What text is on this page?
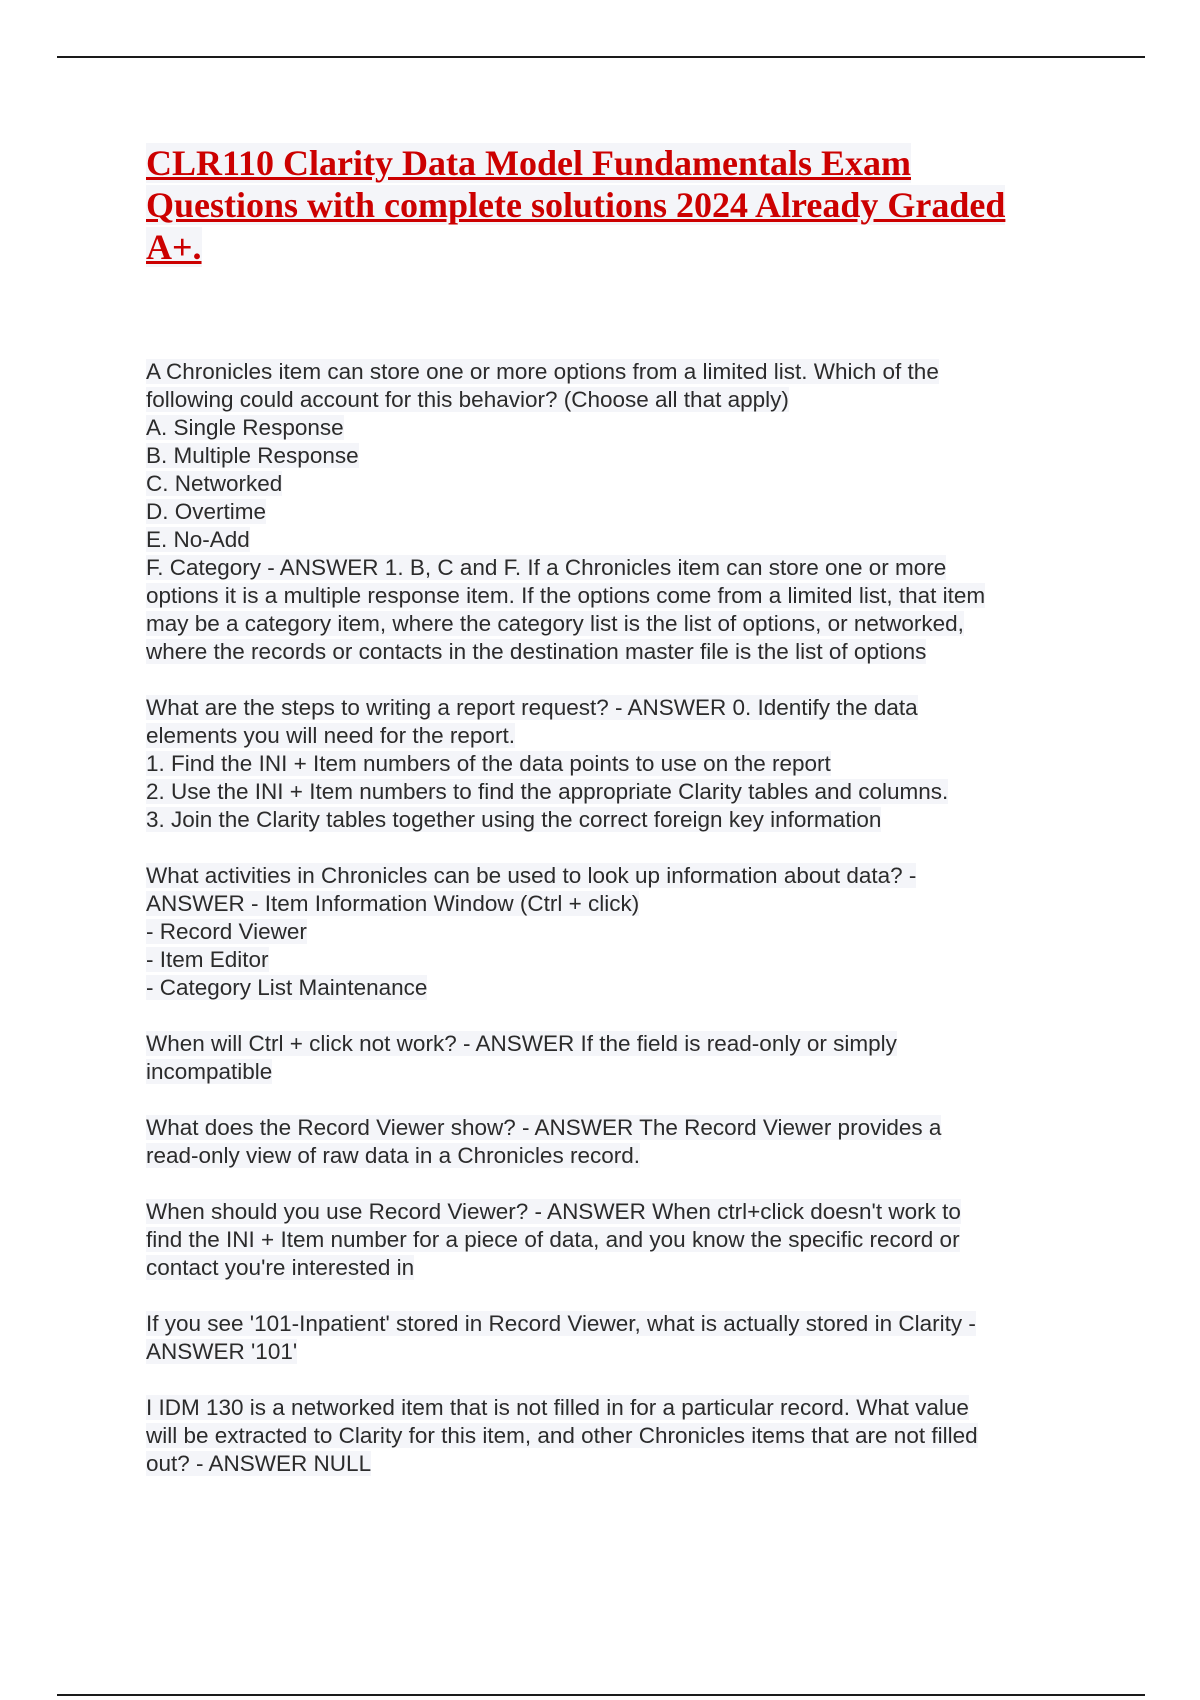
CLR110 Clarity Data Model Fundamentals Exam
Questions with complete solutions 2024 Already Graded
A+.

A Chronicles item can store one or more options from a limited list. Which of the
following could account for this behavior? (Choose all that apply)
A. Single Response
B. Multiple Response
C. Networked
D. Overtime
E. No-Add
F. Category - ANSWER 1. B, C and F. If a Chronicles item can store one or more
options it is a multiple response item. If the options come from a limited list, that item
may be a category item, where the category list is the list of options, or networked,
where the records or contacts in the destination master file is the list of options

What are the steps to writing a report request? - ANSWER 0. Identify the data
elements you will need for the report.
1. Find the INI + Item numbers of the data points to use on the report
2. Use the INI + Item numbers to find the appropriate Clarity tables and columns.
3. Join the Clarity tables together using the correct foreign key information

What activities in Chronicles can be used to look up information about data? -
ANSWER - Item Information Window (Ctrl + click)
- Record Viewer
- Item Editor
- Category List Maintenance

When will Ctrl + click not work? - ANSWER If the field is read-only or simply
incompatible

What does the Record Viewer show? - ANSWER The Record Viewer provides a
read-only view of raw data in a Chronicles record.

When should you use Record Viewer? - ANSWER When ctrl+click doesn't work to
find the INI + Item number for a piece of data, and you know the specific record or
contact you're interested in

If you see '101-Inpatient' stored in Record Viewer, what is actually stored in Clarity -
ANSWER '101'

I IDM 130 is a networked item that is not filled in for a particular record. What value
will be extracted to Clarity for this item, and other Chronicles items that are not filled
out? - ANSWER NULL
